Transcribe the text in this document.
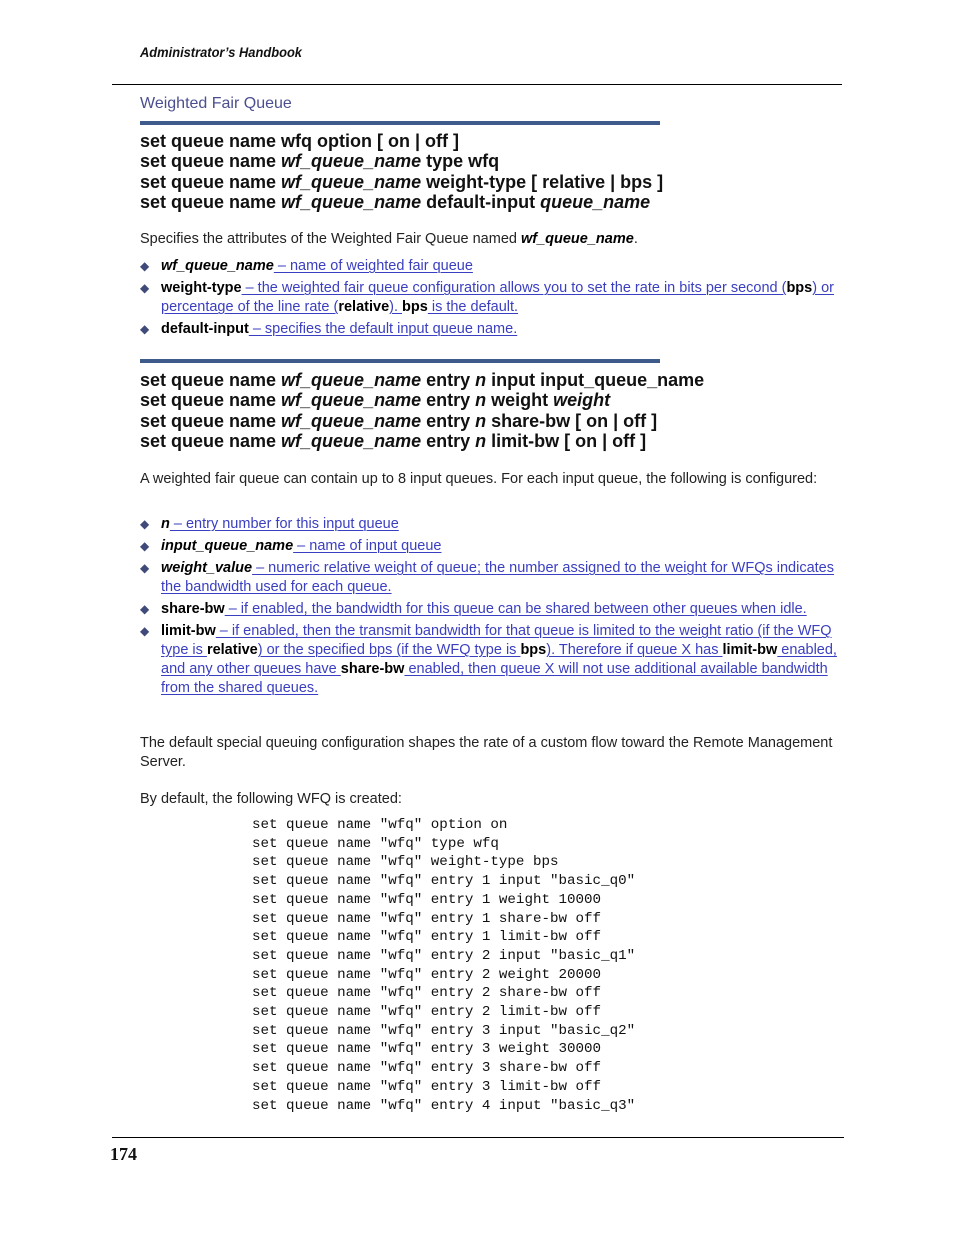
Administrator’s Handbook
Weighted Fair Queue
set queue name wfq option [ on | off ]
set queue name wf_queue_name type wfq
set queue name wf_queue_name weight-type [ relative | bps ]
set queue name wf_queue_name default-input queue_name
Specifies the attributes of the Weighted Fair Queue named wf_queue_name.
◆ wf_queue_name – name of weighted fair queue
◆ weight-type – the weighted fair queue configuration allows you to set the rate in bits per second (bps) or percentage of the line rate (relative). bps is the default.
◆ default-input – specifies the default input queue name.
set queue name wf_queue_name entry n input input_queue_name
set queue name wf_queue_name entry n weight weight
set queue name wf_queue_name entry n share-bw [ on | off ]
set queue name wf_queue_name entry n limit-bw [ on | off ]
A weighted fair queue can contain up to 8 input queues. For each input queue, the following is configured:
◆ n – entry number for this input queue
◆ input_queue_name – name of input queue
◆ weight_value – numeric relative weight of queue; the number assigned to the weight for WFQs indicates the bandwidth used for each queue.
◆ share-bw – if enabled, the bandwidth for this queue can be shared between other queues when idle.
◆ limit-bw – if enabled, then the transmit bandwidth for that queue is limited to the weight ratio (if the WFQ type is relative) or the specified bps (if the WFQ type is bps). Therefore if queue X has limit-bw enabled, and any other queues have share-bw enabled, then queue X will not use additional available bandwidth from the shared queues.
The default special queuing configuration shapes the rate of a custom flow toward the Remote Management Server.
By default, the following WFQ is created:
set queue name "wfq" option on
set queue name "wfq" type wfq
set queue name "wfq" weight-type bps
set queue name "wfq" entry 1 input "basic_q0"
set queue name "wfq" entry 1 weight 10000
set queue name "wfq" entry 1 share-bw off
set queue name "wfq" entry 1 limit-bw off
set queue name "wfq" entry 2 input "basic_q1"
set queue name "wfq" entry 2 weight 20000
set queue name "wfq" entry 2 share-bw off
set queue name "wfq" entry 2 limit-bw off
set queue name "wfq" entry 3 input "basic_q2"
set queue name "wfq" entry 3 weight 30000
set queue name "wfq" entry 3 share-bw off
set queue name "wfq" entry 3 limit-bw off
set queue name "wfq" entry 4 input "basic_q3"
174
